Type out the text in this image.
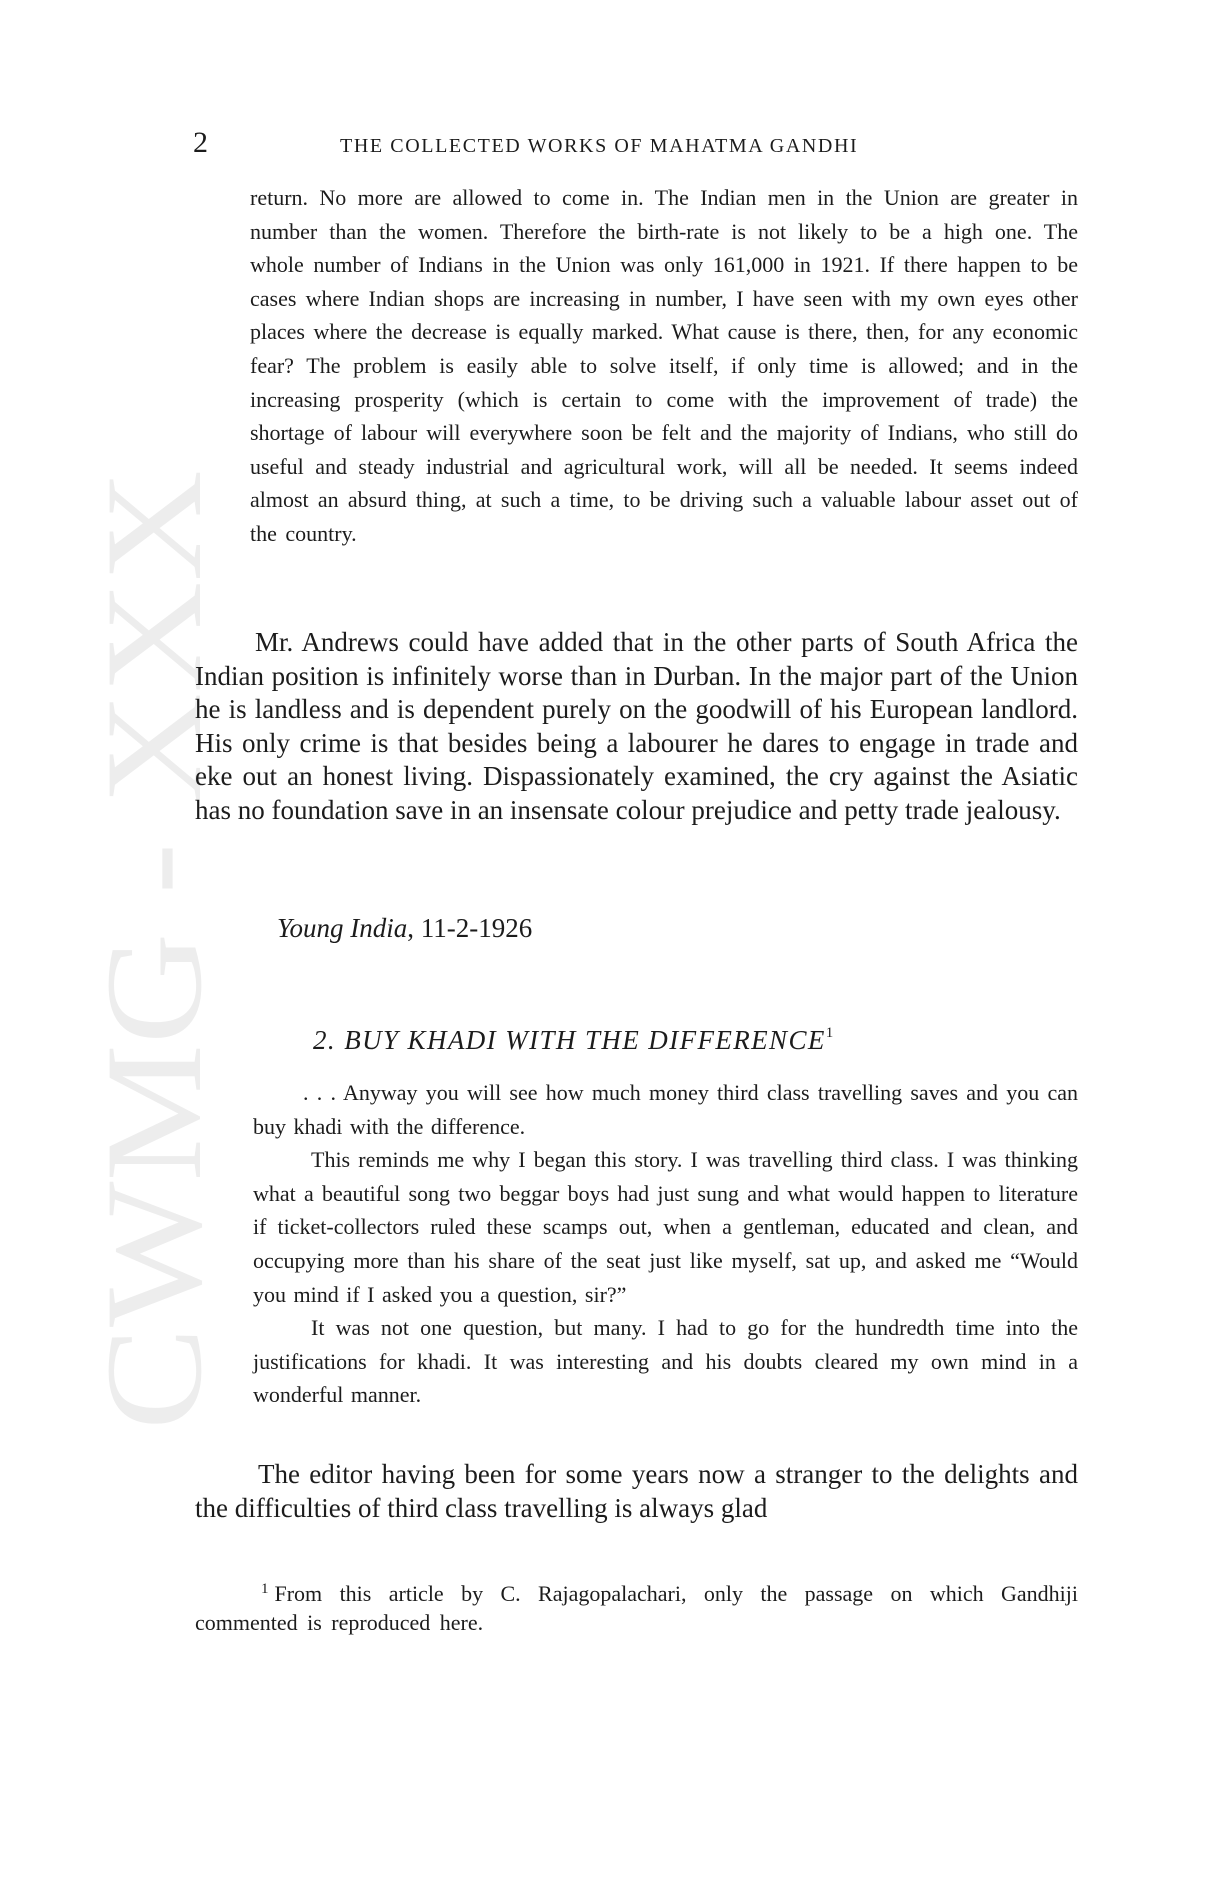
CWMG - XXX
2	THE COLLECTED WORKS OF MAHATMA GANDHI
return. No more are allowed to come in. The Indian men in the Union are greater in number than the women. Therefore the birth-rate is not likely to be a high one. The whole number of Indians in the Union was only 161,000 in 1921. If there happen to be cases where Indian shops are increasing in number, I have seen with my own eyes other places where the decrease is equally marked. What cause is there, then, for any economic fear? The problem is easily able to solve itself, if only time is allowed; and in the increasing prosperity (which is certain to come with the improvement of trade) the shortage of labour will everywhere soon be felt and the majority of Indians, who still do useful and steady industrial and agricultural work, will all be needed. It seems indeed almost an absurd thing, at such a time, to be driving such a valuable labour asset out of the country.
Mr. Andrews could have added that in the other parts of South Africa the Indian position is infinitely worse than in Durban. In the major part of the Union he is landless and is dependent purely on the goodwill of his European landlord. His only crime is that besides being a labourer he dares to engage in trade and eke out an honest living. Dispassionately examined, the cry against the Asiatic has no foundation save in an insensate colour prejudice and petty trade jealousy.
Young India, 11-2-1926
2. BUY KHADI WITH THE DIFFERENCE$^1$

. . . Anyway you will see how much money third class travelling saves and you can buy khadi with the difference.

This reminds me why I began this story. I was travelling third class. I was thinking what a beautiful song two beggar boys had just sung and what would happen to literature if ticket-collectors ruled these scamps out, when a gentleman, educated and clean, and occupying more than his share of the seat just like myself, sat up, and asked me “Would you mind if I asked you a question, sir?”

It was not one question, but many. I had to go for the hundredth time into the justifications for khadi. It was interesting and his doubts cleared my own mind in a wonderful manner.

The editor having been for some years now a stranger to the delights and the difficulties of third class travelling is always glad
$^1$ From this article by C. Rajagopalachari, only the passage on which Gandhiji commented is reproduced here.
